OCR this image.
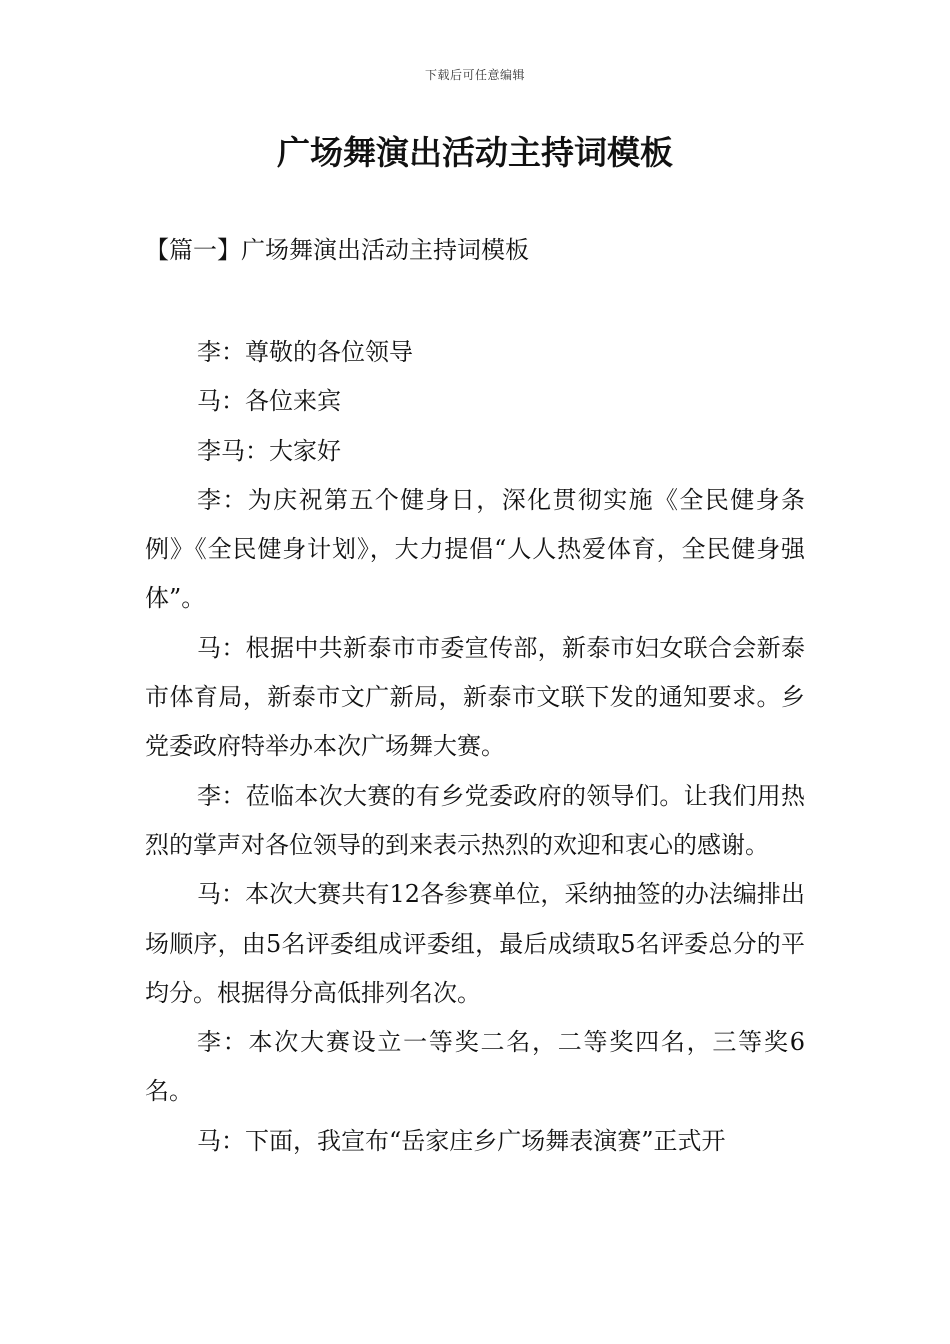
下载后可任意编辑
广场舞演出活动主持词模板
【篇一】广场舞演出活动主持词模板

李：尊敬的各位领导

马：各位来宾

李马：大家好

李：为庆祝第五个健身日，深化贯彻实施《全民健身条例》《全民健身计划》，大力提倡“人人热爱体育，全民健身强体”。

马：根据中共新泰市市委宣传部，新泰市妇女联合会新泰市体育局，新泰市文广新局，新泰市文联下发的通知要求。乡党委政府特举办本次广场舞大赛。

李：莅临本次大赛的有乡党委政府的领导们。让我们用热烈的掌声对各位领导的到来表示热烈的欢迎和衷心的感谢。

马：本次大赛共有12各参赛单位，采纳抽签的办法编排出场顺序，由5名评委组成评委组，最后成绩取5名评委总分的平均分。根据得分高低排列名次。

李：本次大赛设立一等奖二名，二等奖四名，三等奖6名。

马：下面，我宣布“岳家庄乡广场舞表演赛”正式开
